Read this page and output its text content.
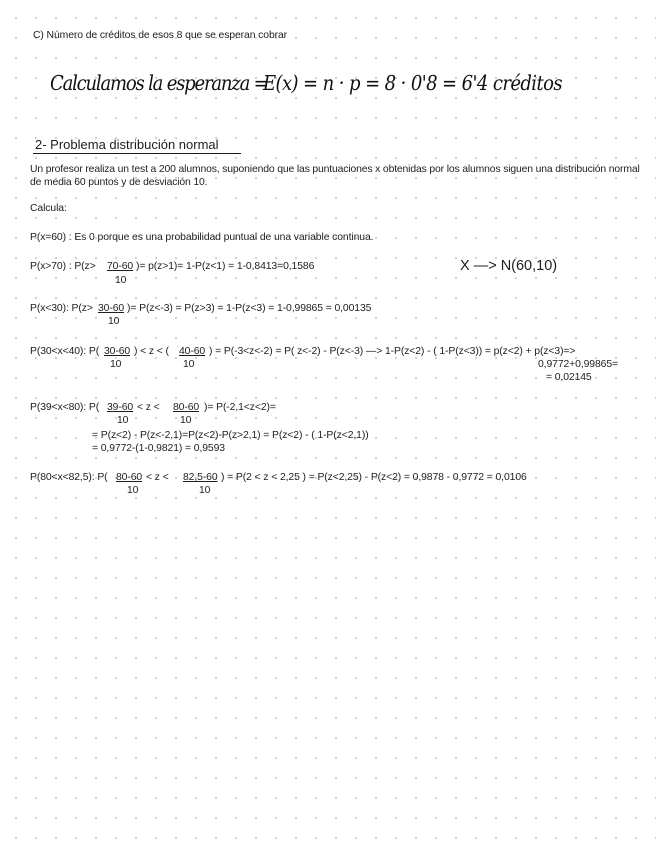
C) Número de créditos de esos 8 que se esperan cobrar
Calculamos la esperanza =
E(x) = n · p = 8 · 0'8 = 6'4 créditos
2- Problema distribución normal
Un profesor realiza un test a 200 alumnos, suponiendo que las puntuaciones x obtenidas por los alumnos siguen una distribución normal de media 60 puntos y de desviación 10.
Calcula:
P(x=60) : Es 0 porque es una probabilidad puntual de una variable continua.
X —> N(60,10)
P(x>70) : P(z> 70-60 )= p(z>1)= 1-P(z<1) = 1-0,8413=0,1586
10
P(x<30): P(z> 30-60 )= P(z<-3) = P(z>3) = 1-P(z<3) = 1-0,99865 = 0,00135
10
P(30<x<40): P( 30-60 ) < z < ( 40-60 ) = P(-3<z<-2) = P( z<-2) - P(z<-3) —> 1-P(z<2) - ( 1-P(z<3)) = p(z<2) + p(z<3)=>
10	10	0,9772+0,99865=
= 0,02145
P(39<x<80): P( 39-60 < z < 80-60 )= P(-2,1<z<2)=
10	10
= P(z<2) - P(z<-2,1)=P(z<2)-P(z>2,1) = P(z<2) - ( 1-P(z<2,1))
= 0,9772-(1-0,9821) = 0,9593
P(80<x<82,5): P( 80-60 < z < 82,5-60 ) = P(2 < z < 2,25 ) = P(z<2,25) - P(z<2) = 0,9878 - 0,9772 = 0,0106
10	10
